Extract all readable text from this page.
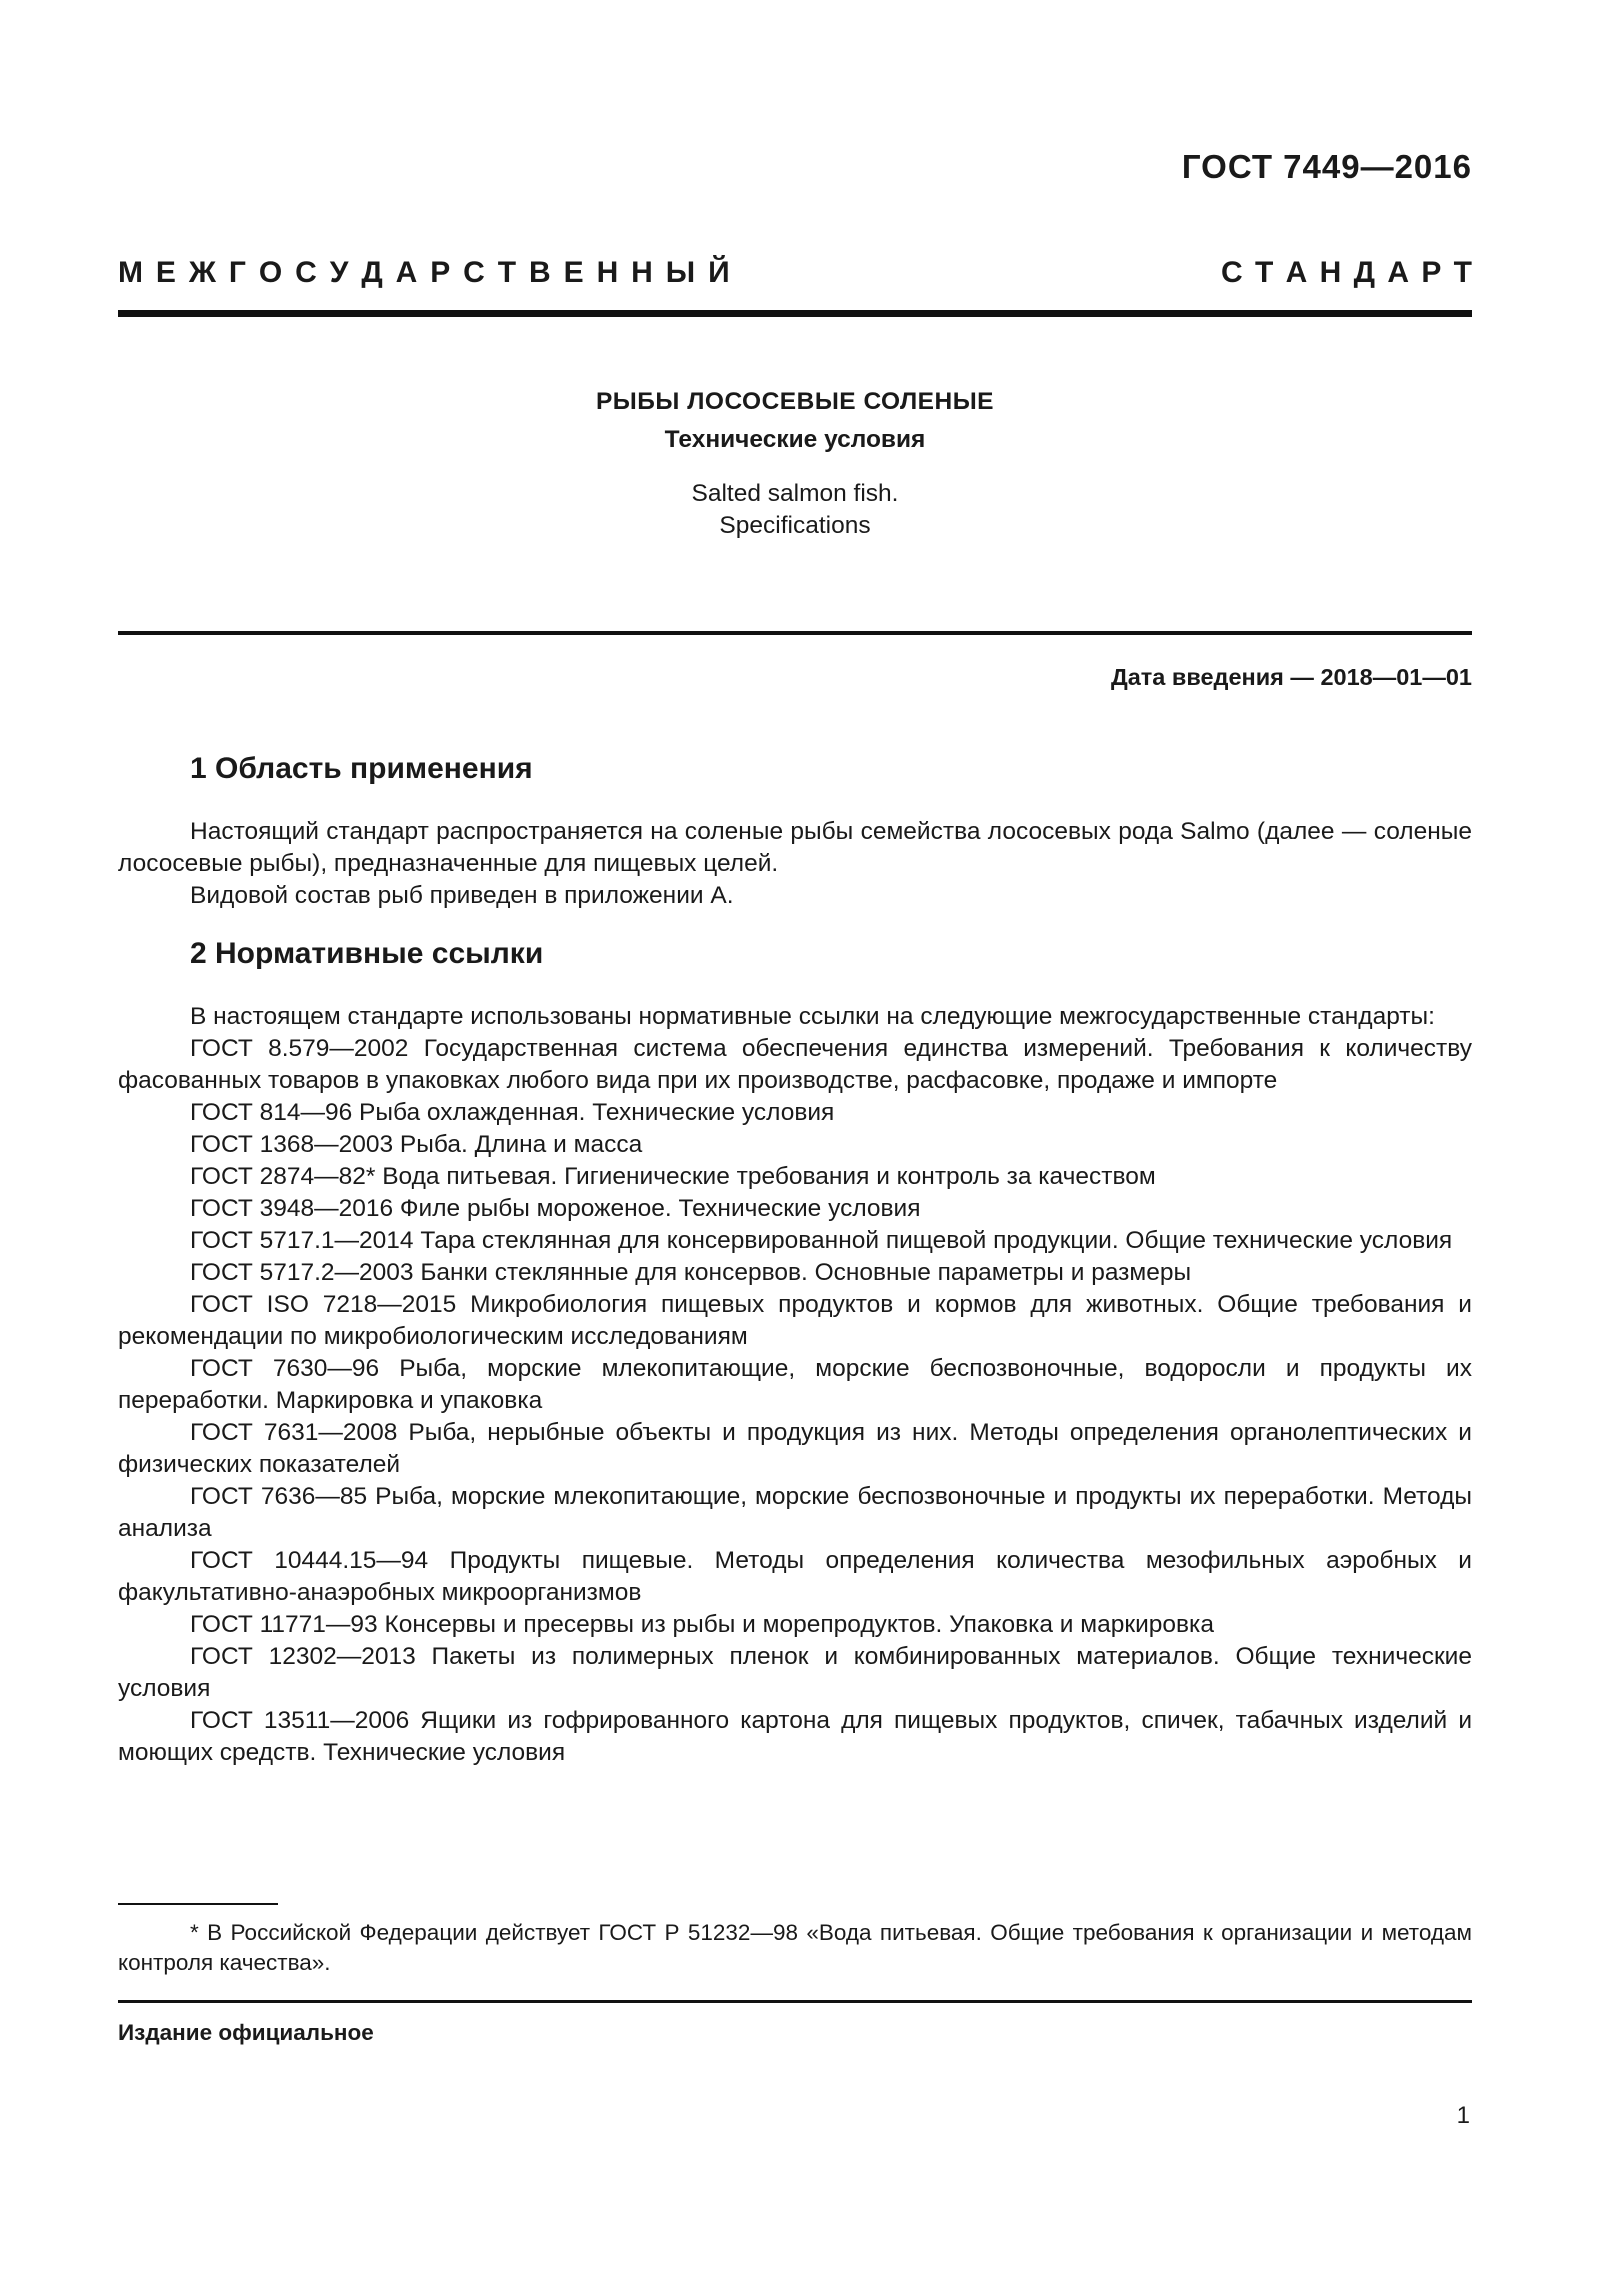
ГОСТ 7449—2016
М Е Ж Г О С У Д А Р С Т В Е Н Н Ы Й	С Т А Н Д А Р Т
РЫБЫ ЛОСОСЕВЫЕ СОЛЕНЫЕ
Технические условия
Salted salmon fish.
Specifications
Дата введения — 2018—01—01
1 Область применения

Настоящий стандарт распространяется на соленые рыбы семейства лососевых рода Salmo (далее — соленые лососевые рыбы), предназначенные для пищевых целей.

Видовой состав рыб приведен в приложении А.

2 Нормативные ссылки

В настоящем стандарте использованы нормативные ссылки на следующие межгосударственные стандарты:

ГОСТ 8.579—2002 Государственная система обеспечения единства измерений. Требования к количеству фасованных товаров в упаковках любого вида при их производстве, расфасовке, продаже и импорте

ГОСТ 814—96 Рыба охлажденная. Технические условия

ГОСТ 1368—2003 Рыба. Длина и масса

ГОСТ 2874—82* Вода питьевая. Гигиенические требования и контроль за качеством

ГОСТ 3948—2016 Филе рыбы мороженое. Технические условия

ГОСТ 5717.1—2014 Тара стеклянная для консервированной пищевой продукции. Общие технические условия

ГОСТ 5717.2—2003 Банки стеклянные для консервов. Основные параметры и размеры

ГОСТ ISO 7218—2015 Микробиология пищевых продуктов и кормов для животных. Общие требования и рекомендации по микробиологическим исследованиям

ГОСТ 7630—96 Рыба, морские млекопитающие, морские беспозвоночные, водоросли и продукты их переработки. Маркировка и упаковка

ГОСТ 7631—2008 Рыба, нерыбные объекты и продукция из них. Методы определения органолептических и физических показателей

ГОСТ 7636—85 Рыба, морские млекопитающие, морские беспозвоночные и продукты их переработки. Методы анализа

ГОСТ 10444.15—94 Продукты пищевые. Методы определения количества мезофильных аэробных и факультативно-анаэробных микроорганизмов

ГОСТ 11771—93 Консервы и пресервы из рыбы и морепродуктов. Упаковка и маркировка

ГОСТ 12302—2013 Пакеты из полимерных пленок и комбинированных материалов. Общие технические условия

ГОСТ 13511—2006 Ящики из гофрированного картона для пищевых продуктов, спичек, табачных изделий и моющих средств. Технические условия

* В Российской Федерации действует ГОСТ Р 51232—98 «Вода питьевая. Общие требования к организации и методам контроля качества».

Издание официальное
1
